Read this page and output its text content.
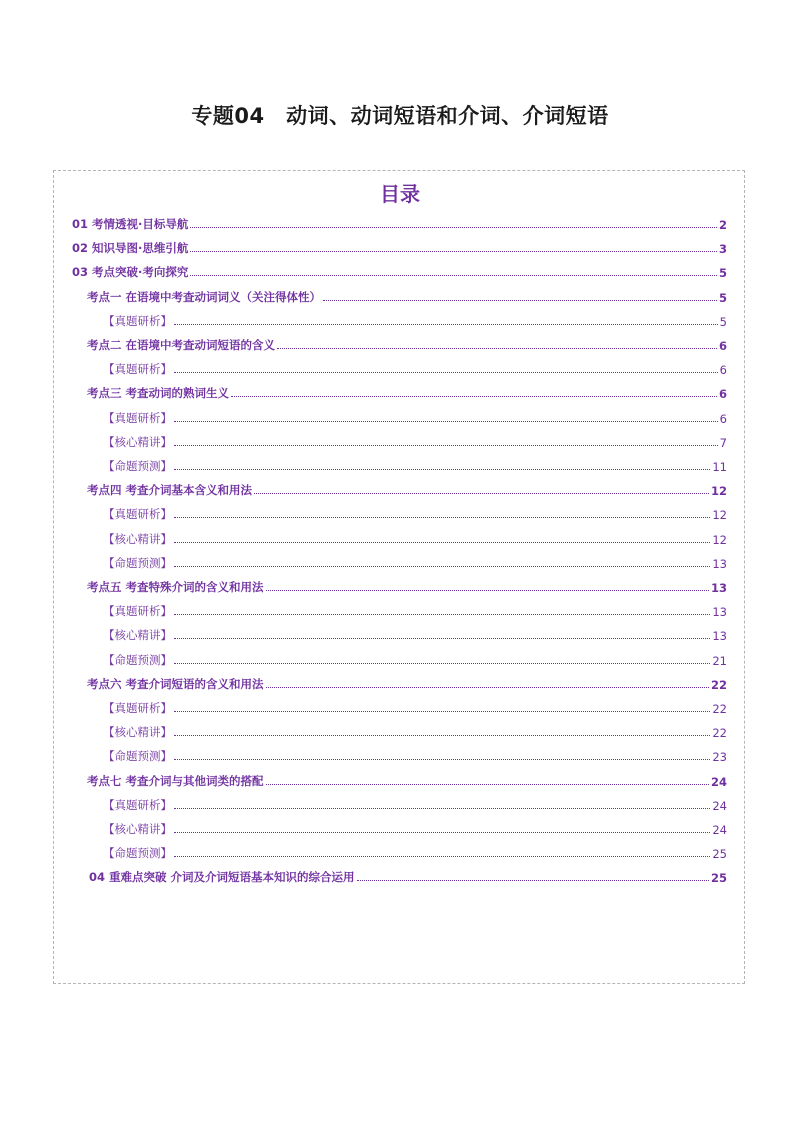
专题04　动词、动词短语和介词、介词短语
目录
01 考情透视·目标导航	2
02 知识导图·思维引航	3
03 考点突破·考向探究	5
考点一 在语境中考查动词词义（关注得体性）	5
【真题研析】	5
考点二 在语境中考查动词短语的含义	6
【真题研析】	6
考点三 考查动词的熟词生义	6
【真题研析】	6
【核心精讲】	7
【命题预测】	11
考点四 考查介词基本含义和用法	12
【真题研析】	12
【核心精讲】	12
【命题预测】	13
考点五 考查特殊介词的含义和用法	13
【真题研析】	13
【核心精讲】	13
【命题预测】	21
考点六 考查介词短语的含义和用法	22
【真题研析】	22
【核心精讲】	22
【命题预测】	23
考点七 考查介词与其他词类的搭配	24
【真题研析】	24
【核心精讲】	24
【命题预测】	25
04 重难点突破 介词及介词短语基本知识的综合运用	25
